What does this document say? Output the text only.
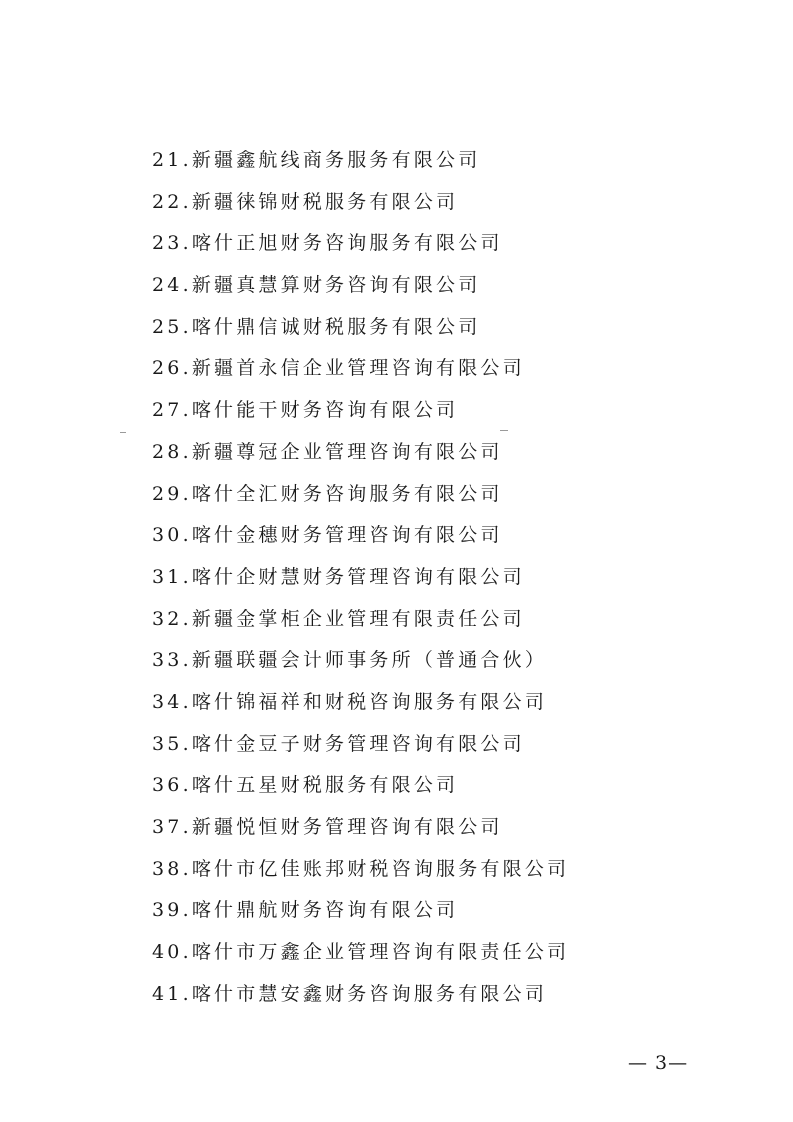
21.新疆鑫航线商务服务有限公司
22.新疆徕锦财税服务有限公司
23.喀什正旭财务咨询服务有限公司
24.新疆真慧算财务咨询有限公司
25.喀什鼎信诚财税服务有限公司
26.新疆首永信企业管理咨询有限公司
27.喀什能干财务咨询有限公司
28.新疆尊冠企业管理咨询有限公司
29.喀什全汇财务咨询服务有限公司
30.喀什金穗财务管理咨询有限公司
31.喀什企财慧财务管理咨询有限公司
32.新疆金掌柜企业管理有限责任公司
33.新疆联疆会计师事务所（普通合伙）
34.喀什锦福祥和财税咨询服务有限公司
35.喀什金豆子财务管理咨询有限公司
36.喀什五星财税服务有限公司
37.新疆悦恒财务管理咨询有限公司
38.喀什市亿佳账邦财税咨询服务有限公司
39.喀什鼎航财务咨询有限公司
40.喀什市万鑫企业管理咨询有限责任公司
41.喀什市慧安鑫财务咨询服务有限公司
— 3—
